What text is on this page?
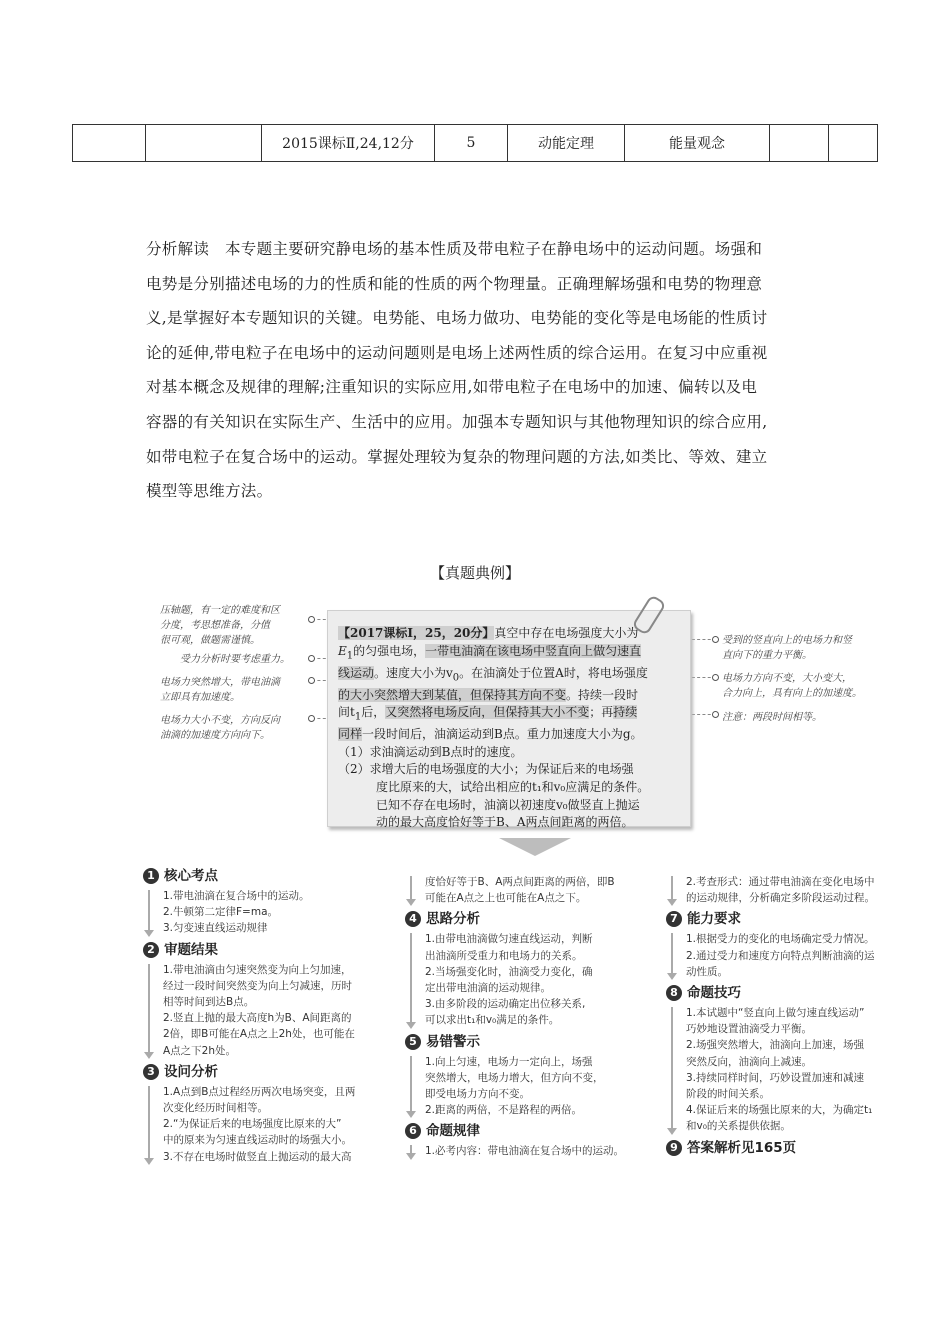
		2015课标Ⅱ,24,12分	5	动能定理	能量观念		
分析解读　本专题主要研究静电场的基本性质及带电粒子在静电场中的运动问题。场强和
电势是分别描述电场的力的性质和能的性质的两个物理量。正确理解场强和电势的物理意
义,是掌握好本专题知识的关键。电势能、电场力做功、电势能的变化等是电场能的性质讨
论的延伸,带电粒子在电场中的运动问题则是电场上述两性质的综合运用。在复习中应重视
对基本概念及规律的理解;注重知识的实际应用,如带电粒子在电场中的加速、偏转以及电
容器的有关知识在实际生产、生活中的应用。加强本专题知识与其他物理知识的综合应用,
如带电粒子在复合场中的运动。掌握处理较为复杂的物理问题的方法,如类比、等效、建立
模型等思维方法。
【真题典例】
压轴题，有一定的难度和区
分度，考思想准备，分值
很可观，做题需谨慎。
受力分析时要考虑重力。
电场力突然增大，带电油滴
立即具有加速度。
电场力大小不变，方向反向
油滴的加速度方向向下。
受到的竖直向上的电场力和竖
直向下的重力平衡。
电场力方向不变，大小变大，
合力向上，具有向上的加速度。
注意：两段时间相等。
【2017课标Ⅰ，25，20分】真空中存在电场强度大小为
$E_1$的匀强电场，一带电油滴在该电场中竖直向上做匀速直
线运动。速度大小为$v_0$。在油滴处于位置A时，将电场强度
的大小突然增大到某值，但保持其方向不变。持续一段时
间$t_1$后，又突然将电场反向，但保持其大小不变；再持续
同样一段时间后，油滴运动到B点。重力加速度大小为g。
（1）求油滴运动到B点时的速度。
（2）求增大后的电场强度的大小；为保证后来的电场强
度比原来的大，试给出相应的t₁和v₀应满足的条件。
已知不存在电场时，油滴以初速度v₀做竖直上抛运
动的最大高度恰好等于B、A两点间距离的两倍。
1 核心考点
1.带电油滴在复合场中的运动。
2.牛顿第二定律F=ma。
3.匀变速直线运动规律
2 审题结果
1.带电油滴由匀速突然变为向上匀加速，
经过一段时间突然变为向上匀减速，历时
相等时间到达B点。
2.竖直上抛的最大高度h为B、A间距离的
2倍，即B可能在A点之上2h处，也可能在
A点之下2h处。
3 设问分析
1.A点到B点过程经历两次电场突变，且两
次变化经历时间相等。
2.“为保证后来的电场强度比原来的大”
中的原来为匀速直线运动时的场强大小。
3.不存在电场时做竖直上抛运动的最大高
度恰好等于B、A两点间距离的两倍，即B
可能在A点之上也可能在A点之下。
4 思路分析
1.由带电油滴做匀速直线运动，判断
出油滴所受重力和电场力的关系。
2.当场强变化时，油滴受力变化，确
定出带电油滴的运动规律。
3.由多阶段的运动确定出位移关系,
可以求出t₁和v₀满足的条件。
5 易错警示
1.向上匀速，电场力一定向上，场强
突然增大，电场力增大，但方向不变，
即受电场力方向不变。
2.距离的两倍，不是路程的两倍。
6 命题规律
1.必考内容：带电油滴在复合场中的运动。
2.考查形式：通过带电油滴在变化电场中
的运动规律，分析确定多阶段运动过程。
7 能力要求
1.根据受力的变化的电场确定受力情况。
2.通过受力和速度方向特点判断油滴的运
动性质。
8 命题技巧
1.本试题中“竖直向上做匀速直线运动”
巧妙地设置油滴受力平衡。
2.场强突然增大，油滴向上加速，场强
突然反向，油滴向上减速。
3.持续同样时间，巧妙设置加速和减速
阶段的时间关系。
4.保证后来的场强比原来的大，为确定t₁
和v₀的关系提供依据。
9 答案解析见165页
